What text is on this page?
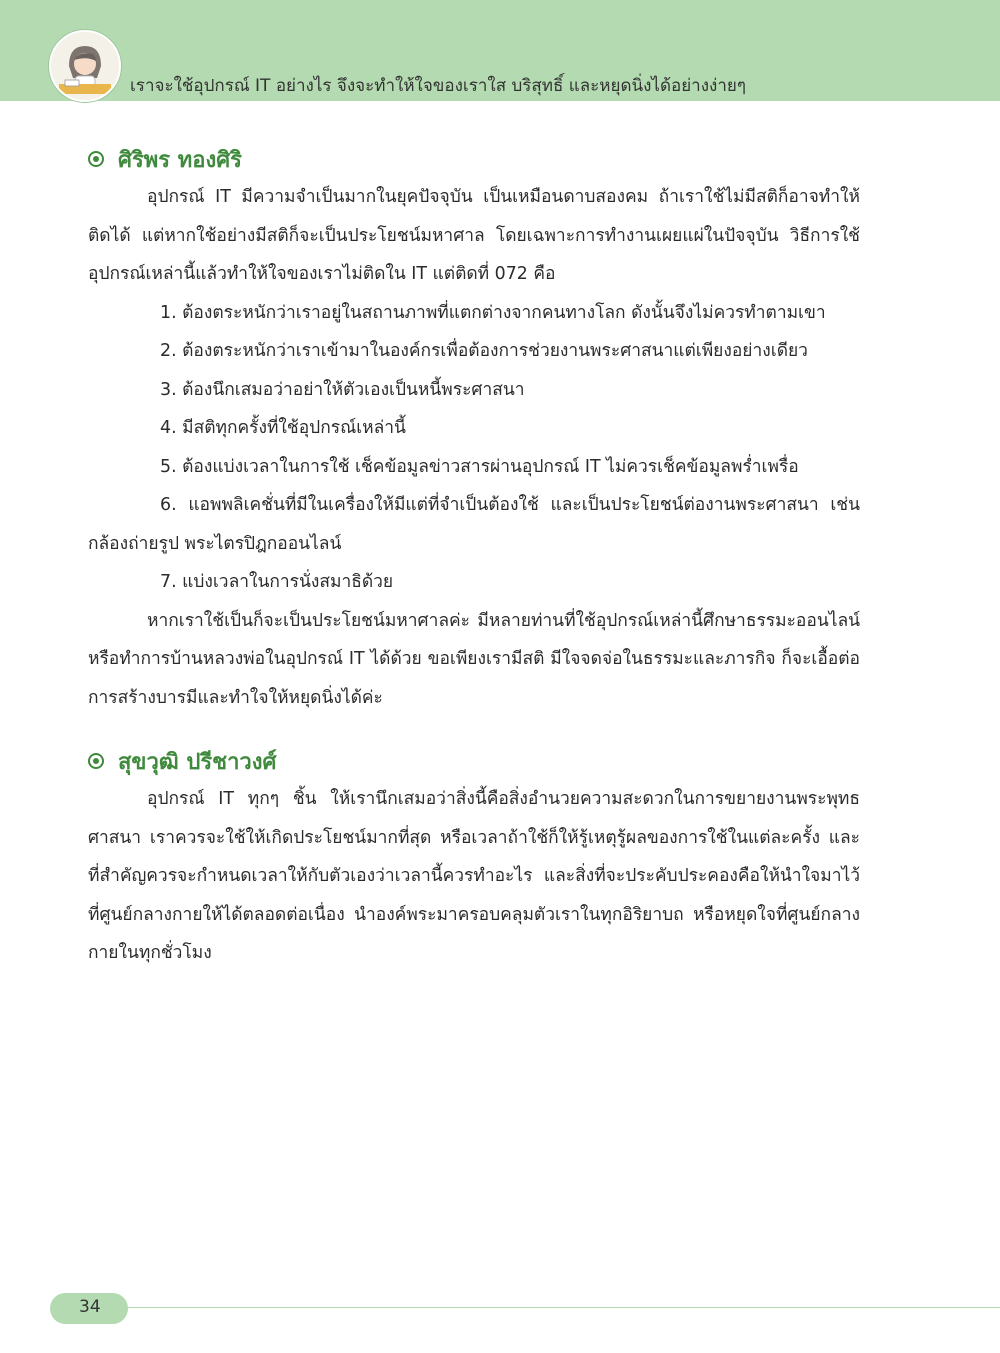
เราจะใช้อุปกรณ์ IT อย่างไร จึงจะทำให้ใจของเราใส บริสุทธิ์ และหยุดนิ่งได้อย่างง่ายๆ
ศิริพร ทองศิริ

อุปกรณ์ IT มีความจำเป็นมากในยุคปัจจุบัน เป็นเหมือนดาบสองคม ถ้าเราใช้ไม่มีสติก็อาจทำให้ติดได้ แต่หากใช้อย่างมีสติก็จะเป็นประโยชน์มหาศาล โดยเฉพาะการทำงานเผยแผ่ในปัจจุบัน วิธีการใช้อุปกรณ์เหล่านี้แล้วทำให้ใจของเราไม่ติดใน IT แต่ติดที่ 072 คือ

1. ต้องตระหนักว่าเราอยู่ในสถานภาพที่แตกต่างจากคนทางโลก ดังนั้นจึงไม่ควรทำตามเขา

2. ต้องตระหนักว่าเราเข้ามาในองค์กรเพื่อต้องการช่วยงานพระศาสนาแต่เพียงอย่างเดียว

3. ต้องนึกเสมอว่าอย่าให้ตัวเองเป็นหนี้พระศาสนา

4. มีสติทุกครั้งที่ใช้อุปกรณ์เหล่านี้

5. ต้องแบ่งเวลาในการใช้ เช็คข้อมูลข่าวสารผ่านอุปกรณ์ IT ไม่ควรเช็คข้อมูลพร่ำเพรื่อ

6. แอพพลิเคชั่นที่มีในเครื่องให้มีแต่ที่จำเป็นต้องใช้ และเป็นประโยชน์ต่องานพระศาสนา เช่น กล้องถ่ายรูป พระไตรปิฎกออนไลน์

7. แบ่งเวลาในการนั่งสมาธิด้วย

หากเราใช้เป็นก็จะเป็นประโยชน์มหาศาลค่ะ มีหลายท่านที่ใช้อุปกรณ์เหล่านี้ศึกษาธรรมะออนไลน์ หรือทำการบ้านหลวงพ่อในอุปกรณ์ IT ได้ด้วย ขอเพียงเรามีสติ มีใจจดจ่อในธรรมะและภารกิจ ก็จะเอื้อต่อการสร้างบารมีและทำใจให้หยุดนิ่งได้ค่ะ

สุขวุฒิ ปรีชาวงศ์

อุปกรณ์ IT ทุกๆ ชิ้น ให้เรานึกเสมอว่าสิ่งนี้คือสิ่งอำนวยความสะดวกในการขยายงานพระพุทธศาสนา เราควรจะใช้ให้เกิดประโยชน์มากที่สุด หรือเวลาถ้าใช้ก็ให้รู้เหตุรู้ผลของการใช้ในแต่ละครั้ง และที่สำคัญควรจะกำหนดเวลาให้กับตัวเองว่าเวลานี้ควรทำอะไร และสิ่งที่จะประคับประคองคือให้นำใจมาไว้ที่ศูนย์กลางกายให้ได้ตลอดต่อเนื่อง นำองค์พระมาครอบคลุมตัวเราในทุกอิริยาบถ หรือหยุดใจที่ศูนย์กลางกายในทุกชั่วโมง

34
